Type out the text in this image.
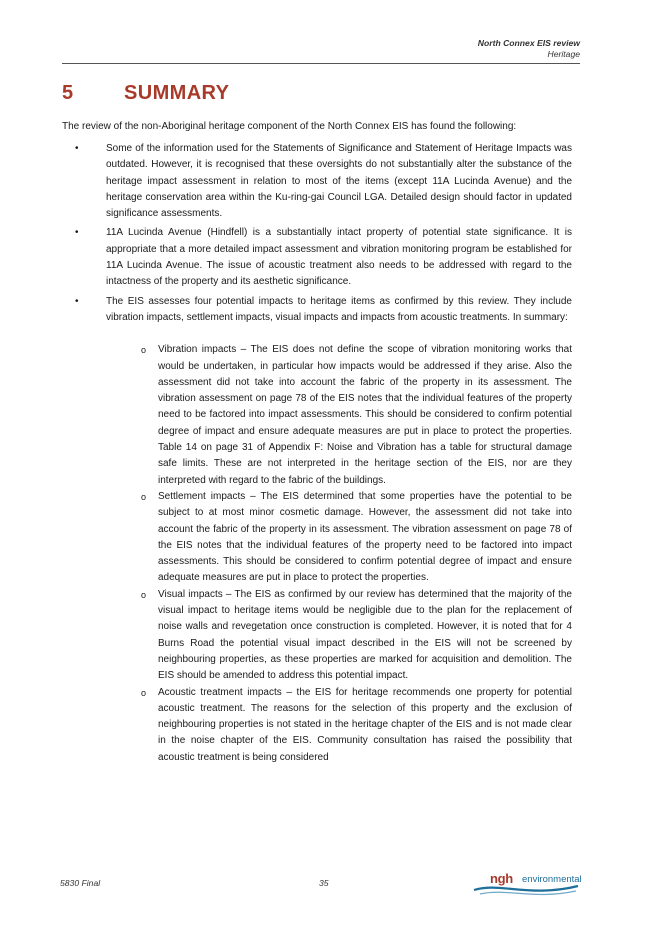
North Connex EIS review
Heritage
5	SUMMARY
The review of the non-Aboriginal heritage component of the North Connex EIS has found the following:
•	Some of the information used for the Statements of Significance and Statement of Heritage Impacts was outdated. However, it is recognised that these oversights do not substantially alter the substance of the heritage impact assessment in relation to most of the items (except 11A Lucinda Avenue) and the heritage conservation area within the Ku-ring-gai Council LGA. Detailed design should factor in updated significance assessments.
•	11A Lucinda Avenue (Hindfell) is a substantially intact property of potential state significance. It is appropriate that a more detailed impact assessment and vibration monitoring program be established for 11A Lucinda Avenue. The issue of acoustic treatment also needs to be addressed with regard to the intactness of the property and its aesthetic significance.
•	The EIS assesses four potential impacts to heritage items as confirmed by this review. They include vibration impacts, settlement impacts, visual impacts and impacts from acoustic treatments. In summary:
o Vibration impacts – The EIS does not define the scope of vibration monitoring works that would be undertaken, in particular how impacts would be addressed if they arise. Also the assessment did not take into account the fabric of the property in its assessment. The vibration assessment on page 78 of the EIS notes that the individual features of the property need to be factored into impact assessments. This should be considered to confirm potential degree of impact and ensure adequate measures are put in place to protect the properties. Table 14 on page 31 of Appendix F: Noise and Vibration has a table for structural damage safe limits. These are not interpreted in the heritage section of the EIS, nor are they interpreted with regard to the fabric of the buildings.
o Settlement impacts – The EIS determined that some properties have the potential to be subject to at most minor cosmetic damage. However, the assessment did not take into account the fabric of the property in its assessment. The vibration assessment on page 78 of the EIS notes that the individual features of the property need to be factored into impact assessments. This should be considered to confirm potential degree of impact and ensure adequate measures are put in place to protect the properties.
o Visual impacts – The EIS as confirmed by our review has determined that the majority of the visual impact to heritage items would be negligible due to the plan for the replacement of noise walls and revegetation once construction is completed. However, it is noted that for 4 Burns Road the potential visual impact described in the EIS will not be screened by neighbouring properties, as these properties are marked for acquisition and demolition. The EIS should be amended to address this potential impact.
o Acoustic treatment impacts – the EIS for heritage recommends one property for potential acoustic treatment. The reasons for the selection of this property and the exclusion of neighbouring properties is not stated in the heritage chapter of the EIS and is not made clear in the noise chapter of the EIS. Community consultation has raised the possibility that acoustic treatment is being considered
5830 Final	35	ngh environmental
